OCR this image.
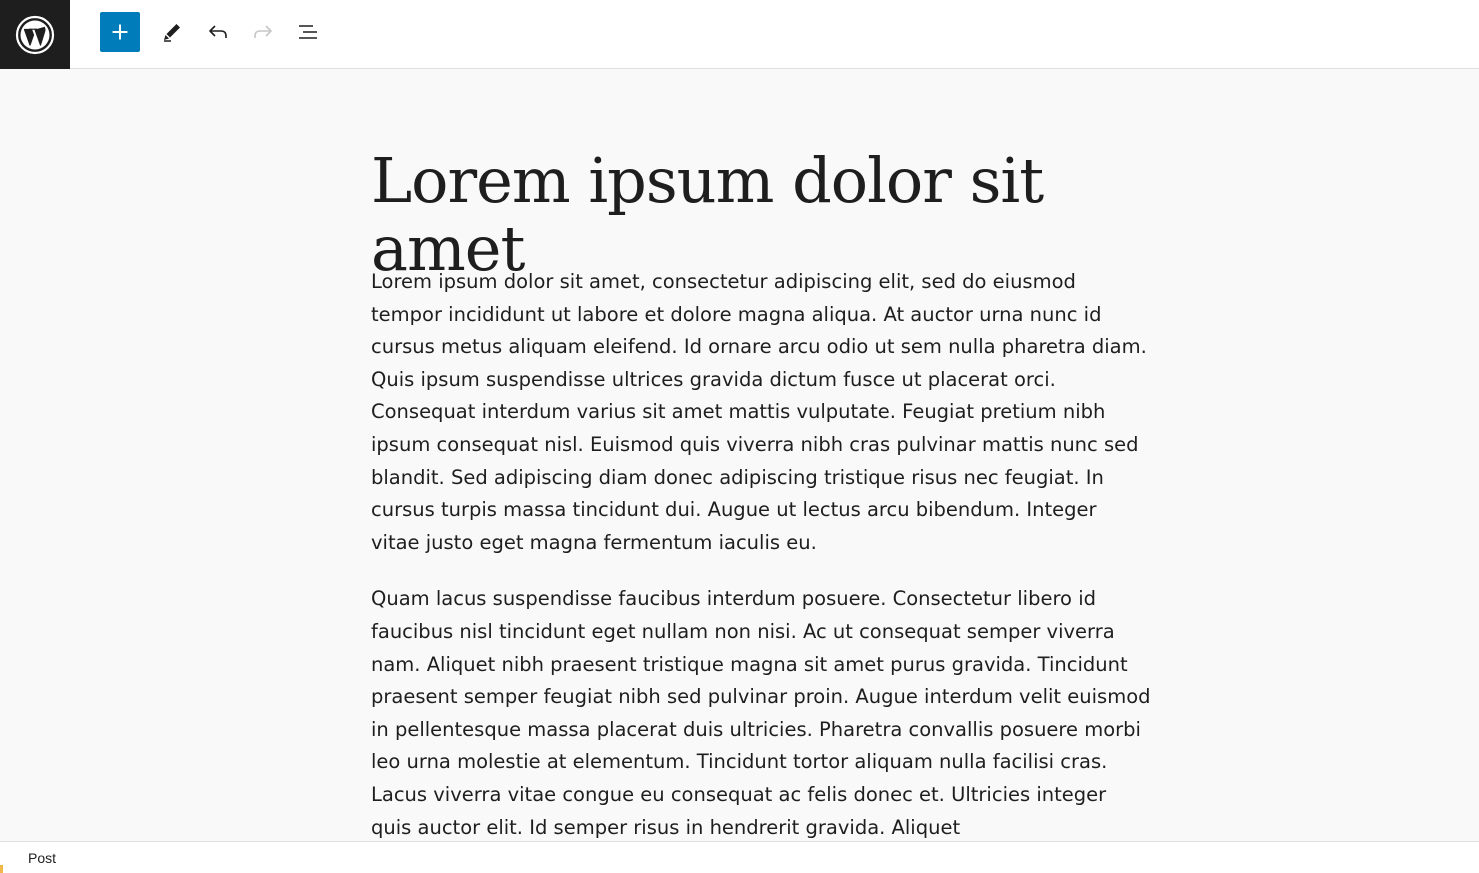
Lorem ipsum dolor sit amet

Lorem ipsum dolor sit amet, consectetur adipiscing elit, sed do eiusmod tempor incididunt ut labore et dolore magna aliqua. At auctor urna nunc id cursus metus aliquam eleifend. Id ornare arcu odio ut sem nulla pharetra diam. Quis ipsum suspendisse ultrices gravida dictum fusce ut placerat orci. Consequat interdum varius sit amet mattis vulputate. Feugiat pretium nibh ipsum consequat nisl. Euismod quis viverra nibh cras pulvinar mattis nunc sed blandit. Sed adipiscing diam donec adipiscing tristique risus nec feugiat. In cursus turpis massa tincidunt dui. Augue ut lectus arcu bibendum. Integer vitae justo eget magna fermentum iaculis eu.

Quam lacus suspendisse faucibus interdum posuere. Consectetur libero id faucibus nisl tincidunt eget nullam non nisi. Ac ut consequat semper viverra nam. Aliquet nibh praesent tristique magna sit amet purus gravida. Tincidunt praesent semper feugiat nibh sed pulvinar proin. Augue interdum velit euismod in pellentesque massa placerat duis ultricies. Pharetra convallis posuere morbi leo urna molestie at elementum. Tincidunt tortor aliquam nulla facilisi cras. Lacus viverra vitae congue eu consequat ac felis donec et. Ultricies integer quis auctor elit. Id semper risus in hendrerit gravida. Aliquet

Post
